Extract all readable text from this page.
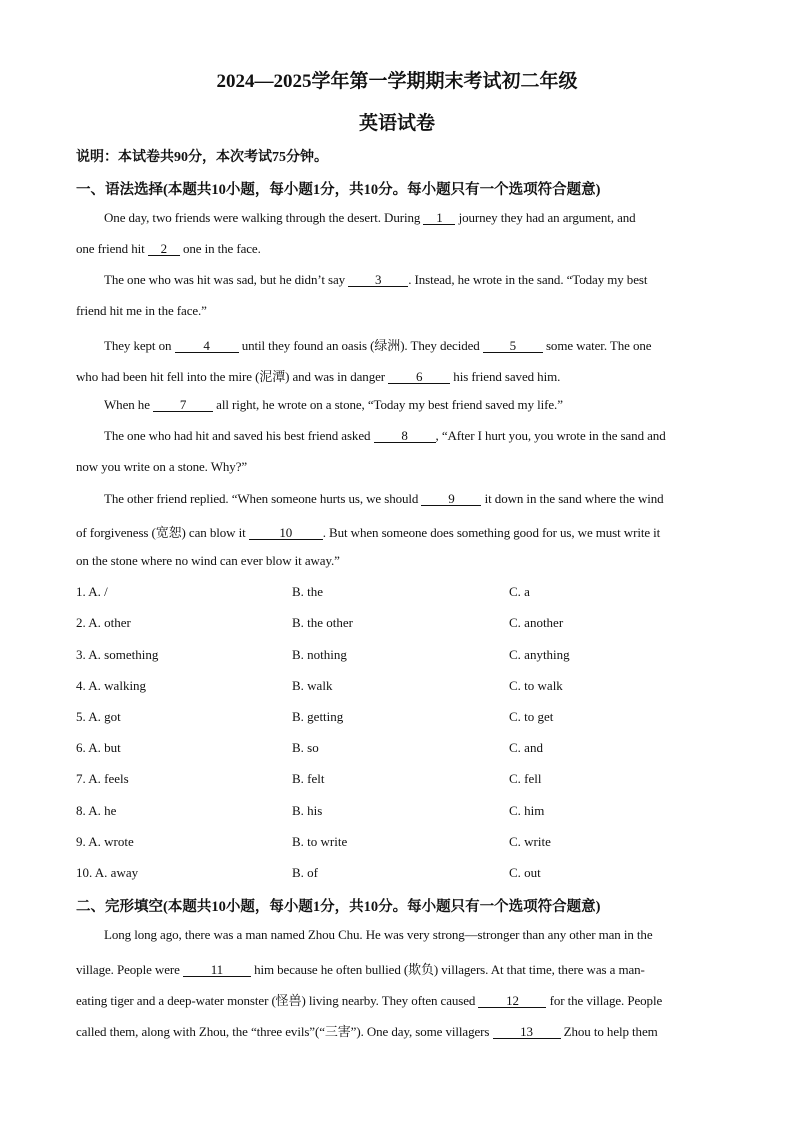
2024—2025学年第一学期期末考试初二年级
英语试卷
说明：本试卷共90分，本次考试75分钟。
一、语法选择(本题共10小题，每小题1分，共10分。每小题只有一个选项符合题意)
One day, two friends were walking through the desert. During 1 journey they had an argument, and
one friend hit 2 one in the face.
The one who was hit was sad, but he didn’t say 3 . Instead, he wrote in the sand. “Today my best
friend hit me in the face.”
They kept on 4 until they found an oasis (绿洲). They decided 5 some water. The one
who had been hit fell into the mire (泥潭) and was in danger 6 his friend saved him.
When he 7 all right, he wrote on a stone, “Today my best friend saved my life.”
The one who had hit and saved his best friend asked 8 , “After I hurt you, you wrote in the sand and
now you write on a stone. Why?”
The other friend replied. “When someone hurts us, we should 9 it down in the sand where the wind
of forgiveness (宽恕) can blow it 10 . But when someone does something good for us, we must write it
on the stone where no wind can ever blow it away.”
1. A. /	B. the	C. a
2. A. other	B. the other	C. another
3. A. something	B. nothing	C. anything
4. A. walking	B. walk	C. to walk
5. A. got	B. getting	C. to get
6. A. but	B. so	C. and
7. A. feels	B. felt	C. fell
8. A. he	B. his	C. him
9. A. wrote	B. to write	C. write
10. A. away	B. of	C. out
二、完形填空(本题共10小题，每小题1分，共10分。每小题只有一个选项符合题意)
Long long ago, there was a man named Zhou Chu. He was very strong—stronger than any other man in the
village. People were 11 him because he often bullied (欺负) villagers. At that time, there was a man-
eating tiger and a deep-water monster (怪兽) living nearby. They often caused 12 for the village. People
called them, along with Zhou, the “three evils”(“三害”). One day, some villagers 13 Zhou to help them
